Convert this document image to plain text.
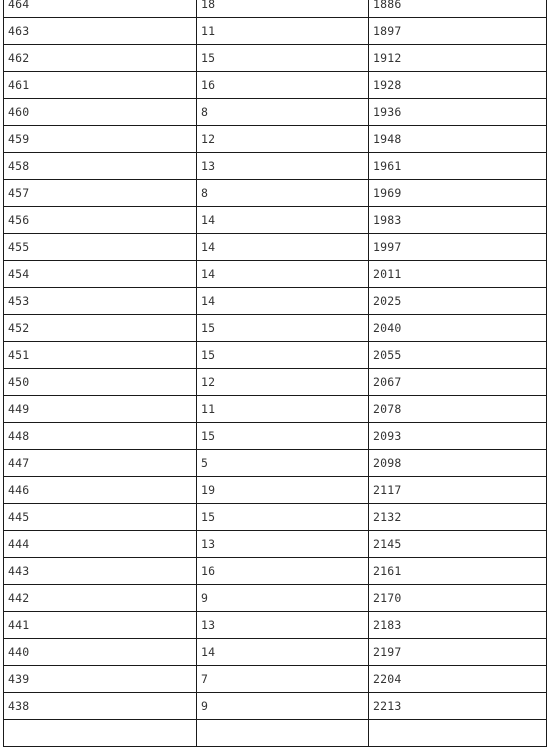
464	18	1886
463	11	1897
462	15	1912
461	16	1928
460	8	1936
459	12	1948
458	13	1961
457	8	1969
456	14	1983
455	14	1997
454	14	2011
453	14	2025
452	15	2040
451	15	2055
450	12	2067
449	11	2078
448	15	2093
447	5	2098
446	19	2117
445	15	2132
444	13	2145
443	16	2161
442	9	2170
441	13	2183
440	14	2197
439	7	2204
438	9	2213
